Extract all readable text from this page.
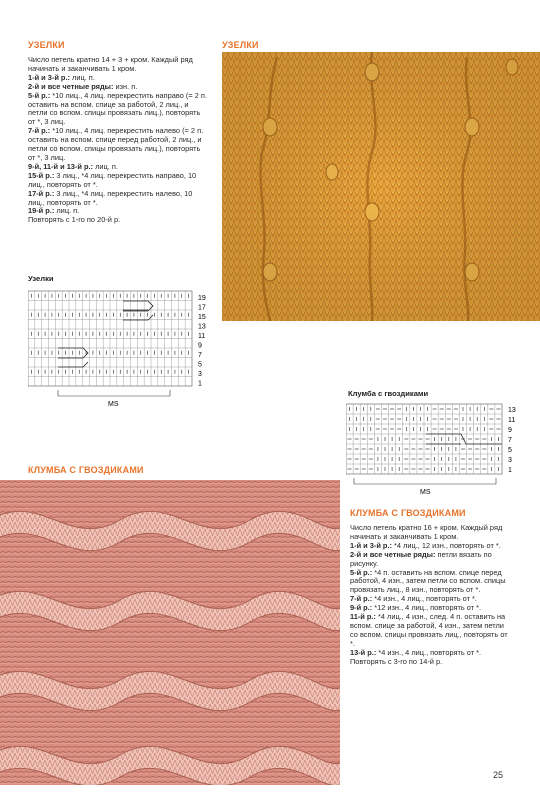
УЗЕЛКИ

Число петель кратно 14 + 3 + кром. Каждый ряд начинать и заканчивать 1 кром.

1-й и 3-й р.: лиц. п.

2-й и все четные ряды: изн. п.

5-й р.: *10 лиц., 4 лиц. перекрестить направо (= 2 п. оставить на вспом. спице за работой, 2 лиц., и петли со вспом. спицы провязать лиц.), повторять от *, 3 лиц.

7-й р.: *10 лиц., 4 лиц. перекрестить налево (= 2 п. оставить на вспом. спице перед работой, 2 лиц., и петли со вспом. спицы провязать лиц.), повторять от *, 3 лиц.

9-й, 11-й и 13-й р.: лиц. п.

15-й р.: 3 лиц., *4 лиц. перекрестить направо, 10 лиц., повторять от *.

17-й р.: 3 лиц., *4 лиц. перекрестить налево, 10 лиц., повторять от *.

19-й р.: лиц. п.

Повторять с 1-го по 20-й р.

УЗЕЛКИ
Узелки
19
17
15
13
11
9
7
5
3
1
MS
Клумба с гвоздиками
13
11
9
7
5
3
1
MS
КЛУМБА С ГВОЗДИКАМИ
КЛУМБА С ГВОЗДИКАМИ

Число петель кратно 16 + кром. Каждый ряд начинать и заканчивать 1 кром.

1-й и 3-й р.: *4 лиц., 12 изн., повторять от *.

2-й и все четные ряды: петли вязать по рисунку.

5-й р.: *4 п. оставить на вспом. спице перед работой, 4 изн., затем петли со вспом. спицы провязать лиц., 8 изн., повторять от *.

7-й р.: *4 изн., 4 лиц., повторять от *.

9-й р.: *12 изн., 4 лиц., повторять от *.

11-й р.: *4 лиц., 4 изн., след. 4 п. оставить на вспом. спице за работой, 4 изн., затем петли со вспом. спицы провязать лиц., повторять от *.

13-й р.: *4 изн., 4 лиц., повторять от *.

Повторять с 3-го по 14-й р.

25
